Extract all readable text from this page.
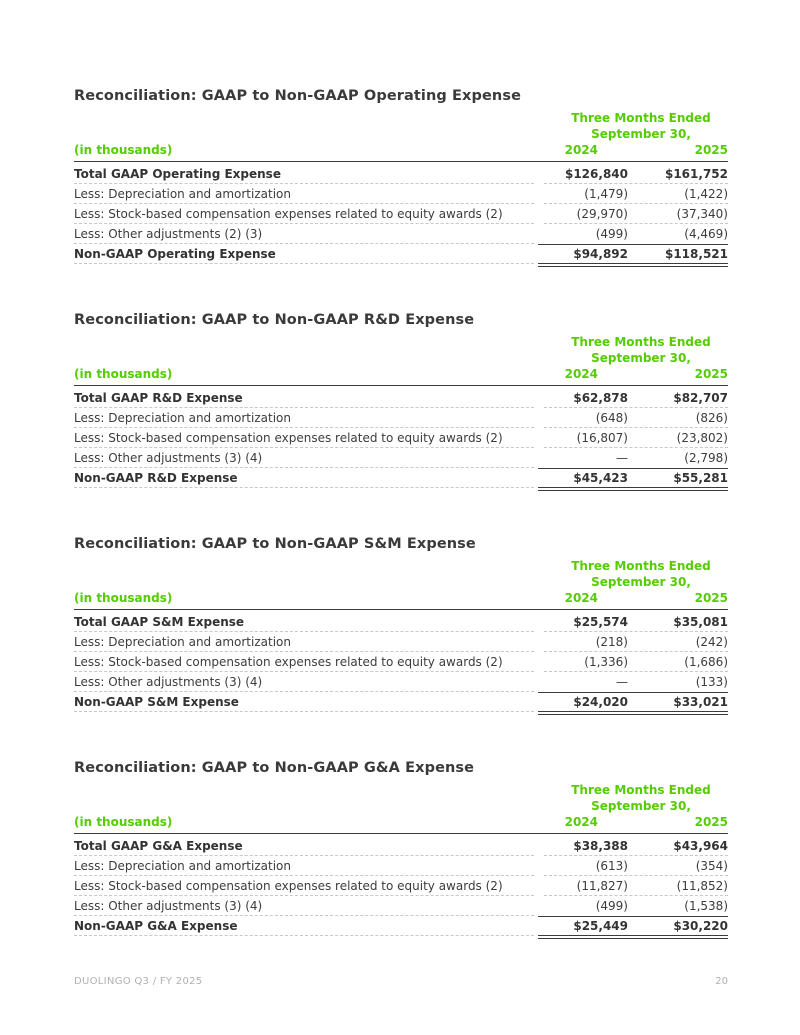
Reconciliation: GAAP to Non-GAAP Operating Expense
Three Months Ended
September 30,
(in thousands)	2024	2025
Total GAAP Operating Expense	$126,840	$161,752
Less: Depreciation and amortization	(1,479)	(1,422)
Less: Stock-based compensation expenses related to equity awards (2)	(29,970)	(37,340)
Less: Other adjustments (2) (3)	(499)	(4,469)
Non-GAAP Operating Expense	$94,892	$118,521
Reconciliation: GAAP to Non-GAAP R&D Expense
Three Months Ended
September 30,
(in thousands)	2024	2025
Total GAAP R&D Expense	$62,878	$82,707
Less: Depreciation and amortization	(648)	(826)
Less: Stock-based compensation expenses related to equity awards (2)	(16,807)	(23,802)
Less: Other adjustments (3) (4)	—	(2,798)
Non-GAAP R&D Expense	$45,423	$55,281
Reconciliation: GAAP to Non-GAAP S&M Expense
Three Months Ended
September 30,
(in thousands)	2024	2025
Total GAAP S&M Expense	$25,574	$35,081
Less: Depreciation and amortization	(218)	(242)
Less: Stock-based compensation expenses related to equity awards (2)	(1,336)	(1,686)
Less: Other adjustments (3) (4)	—	(133)
Non-GAAP S&M Expense	$24,020	$33,021
Reconciliation: GAAP to Non-GAAP G&A Expense
Three Months Ended
September 30,
(in thousands)	2024	2025
Total GAAP G&A Expense	$38,388	$43,964
Less: Depreciation and amortization	(613)	(354)
Less: Stock-based compensation expenses related to equity awards (2)	(11,827)	(11,852)
Less: Other adjustments (3) (4)	(499)	(1,538)
Non-GAAP G&A Expense	$25,449	$30,220
DUOLINGO Q3 / FY 2025	20
